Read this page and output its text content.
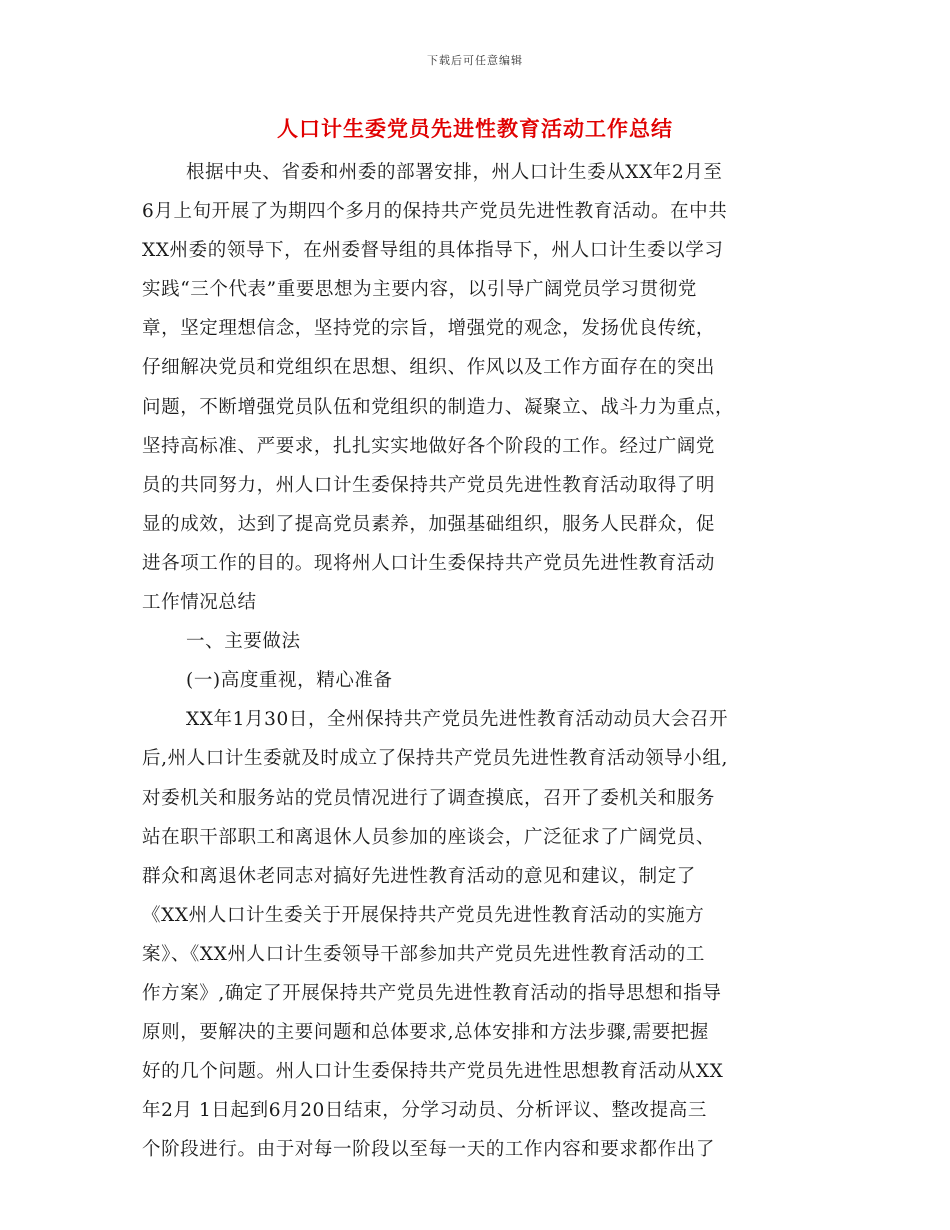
下载后可任意编辑
人口计生委党员先进性教育活动工作总结
根据中央、省委和州委的部署安排，州人口计生委从XX年2月至
6月上旬开展了为期四个多月的保持共产党员先进性教育活动。在中共
XX州委的领导下，在州委督导组的具体指导下，州人口计生委以学习
实践“三个代表”重要思想为主要内容，以引导广阔党员学习贯彻党
章，坚定理想信念，坚持党的宗旨，增强党的观念，发扬优良传统，
仔细解决党员和党组织在思想、组织、作风以及工作方面存在的突出
问题，不断增强党员队伍和党组织的制造力、凝聚立、战斗力为重点，
坚持高标准、严要求，扎扎实实地做好各个阶段的工作。经过广阔党
员的共同努力，州人口计生委保持共产党员先进性教育活动取得了明
显的成效，达到了提高党员素养，加强基础组织，服务人民群众，促
进各项工作的目的。现将州人口计生委保持共产党员先进性教育活动
工作情况总结
一、主要做法
(一)高度重视，精心准备
XX年1月30日，全州保持共产党员先进性教育活动动员大会召开
后,州人口计生委就及时成立了保持共产党员先进性教育活动领导小组,
对委机关和服务站的党员情况进行了调查摸底，召开了委机关和服务
站在职干部职工和离退休人员参加的座谈会，广泛征求了广阔党员、
群众和离退休老同志对搞好先进性教育活动的意见和建议，制定了
《XX州人口计生委关于开展保持共产党员先进性教育活动的实施方
案》、《XX州人口计生委领导干部参加共产党员先进性教育活动的工
作方案》,确定了开展保持共产党员先进性教育活动的指导思想和指导
原则，要解决的主要问题和总体要求,总体安排和方法步骤,需要把握
好的几个问题。州人口计生委保持共产党员先进性思想教育活动从XX
年2月 1日起到6月20日结束，分学习动员、分析评议、整改提高三
个阶段进行。由于对每一阶段以至每一天的工作内容和要求都作出了
